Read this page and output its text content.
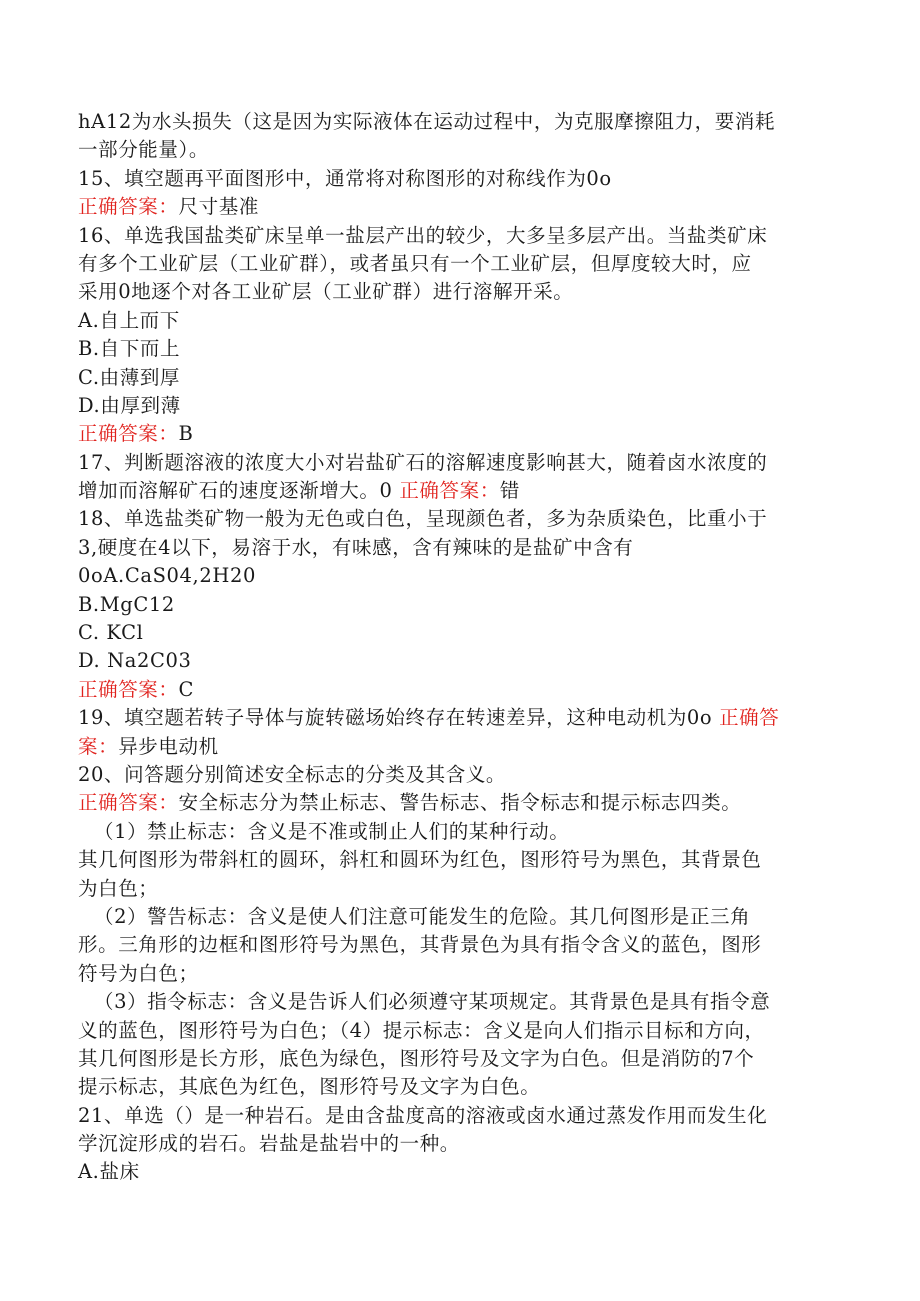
hA12为水头损失（这是因为实际液体在运动过程中，为克服摩擦阻力，要消耗
一部分能量）。
15、填空题再平面图形中，通常将对称图形的对称线作为0o
正确答案：尺寸基准
16、单选我国盐类矿床呈单一盐层产出的较少，大多呈多层产出。当盐类矿床
有多个工业矿层（工业矿群），或者虽只有一个工业矿层，但厚度较大时，应
采用0地逐个对各工业矿层（工业矿群）进行溶解开采。
A.自上而下
B.自下而上
C.由薄到厚
D.由厚到薄
正确答案：B
17、判断题溶液的浓度大小对岩盐矿石的溶解速度影响甚大，随着卤水浓度的
增加而溶解矿石的速度逐渐增大。0 正确答案：错
18、单选盐类矿物一般为无色或白色，呈现颜色者，多为杂质染色，比重小于
3,硬度在4以下，易溶于水，有味感，含有辣味的是盐矿中含有
0oA.CaS04,2H20
B.MgC12
C. KCl
D. Na2C03
正确答案：C
19、填空题若转子导体与旋转磁场始终存在转速差异，这种电动机为0o 正确答
案：异步电动机
20、问答题分别简述安全标志的分类及其含义。
正确答案：安全标志分为禁止标志、警告标志、指令标志和提示标志四类。
（1）禁止标志：含义是不准或制止人们的某种行动。
其几何图形为带斜杠的圆环，斜杠和圆环为红色，图形符号为黑色，其背景色
为白色；
（2）警告标志：含义是使人们注意可能发生的危险。其几何图形是正三角
形。三角形的边框和图形符号为黑色，其背景色为具有指令含义的蓝色，图形
符号为白色；
（3）指令标志：含义是告诉人们必须遵守某项规定。其背景色是具有指令意
义的蓝色，图形符号为白色；（4）提示标志：含义是向人们指示目标和方向，
其几何图形是长方形，底色为绿色，图形符号及文字为白色。但是消防的7个
提示标志，其底色为红色，图形符号及文字为白色。
21、单选（）是一种岩石。是由含盐度高的溶液或卤水通过蒸发作用而发生化
学沉淀形成的岩石。岩盐是盐岩中的一种。
A.盐床
